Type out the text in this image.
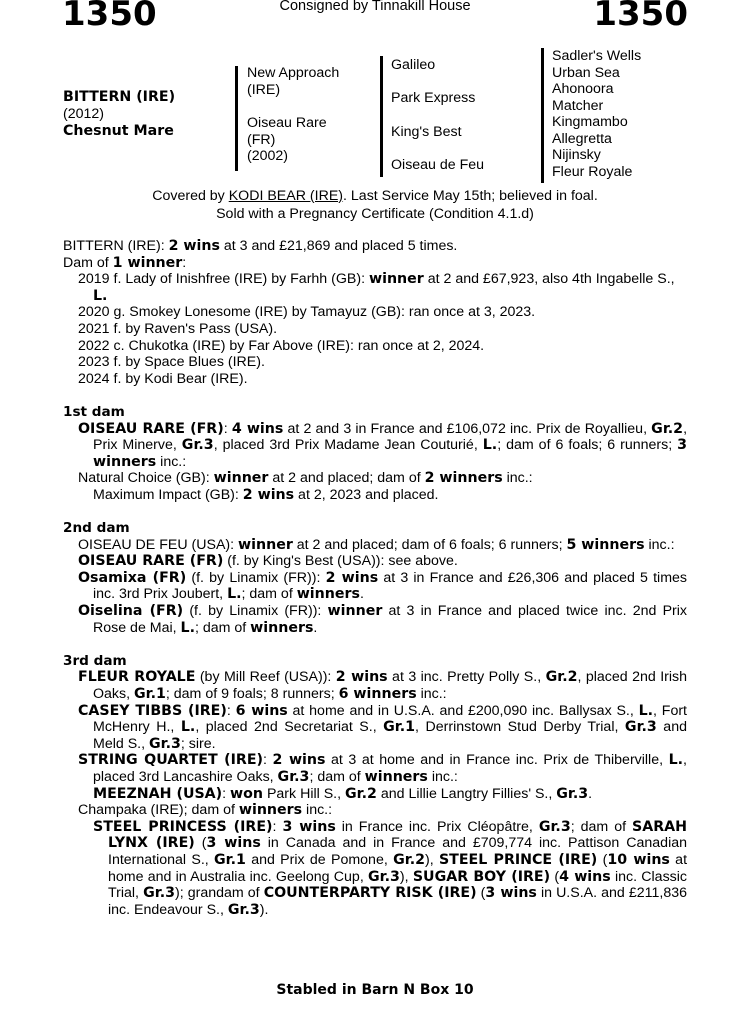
1350	Consigned by Tinnakill House	1350
BITTERN (IRE)
(2012)
Chesnut Mare
New Approach
(IRE)
Oiseau Rare
(FR)
(2002)
Galileo
Park Express
King's Best
Oiseau de Feu
Sadler's Wells
Urban Sea
Ahonoora
Matcher
Kingmambo
Allegretta
Nijinsky
Fleur Royale
Covered by KODI BEAR (IRE). Last Service May 15th; believed in foal.
Sold with a Pregnancy Certificate (Condition 4.1.d)

BITTERN (IRE): 2 wins at 3 and £21,869 and placed 5 times.

Dam of 1 winner:

2019 f. Lady of Inishfree (IRE) by Farhh (GB): winner at 2 and £67,923, also 4th Ingabelle S., L.

2020 g. Smokey Lonesome (IRE) by Tamayuz (GB): ran once at 3, 2023.

2021 f. by Raven's Pass (USA).

2022 c. Chukotka (IRE) by Far Above (IRE): ran once at 2, 2024.

2023 f. by Space Blues (IRE).

2024 f. by Kodi Bear (IRE).

1st dam

OISEAU RARE (FR): 4 wins at 2 and 3 in France and £106,072 inc. Prix de Royallieu, Gr.2, Prix Minerve, Gr.3, placed 3rd Prix Madame Jean Couturié, L.; dam of 6 foals; 6 runners; 3 winners inc.:

Natural Choice (GB): winner at 2 and placed; dam of 2 winners inc.:

Maximum Impact (GB): 2 wins at 2, 2023 and placed.

2nd dam

OISEAU DE FEU (USA): winner at 2 and placed; dam of 6 foals; 6 runners; 5 winners inc.:

OISEAU RARE (FR) (f. by King's Best (USA)): see above.

Osamixa (FR) (f. by Linamix (FR)): 2 wins at 3 in France and £26,306 and placed 5 times inc. 3rd Prix Joubert, L.; dam of winners.

Oiselina (FR) (f. by Linamix (FR)): winner at 3 in France and placed twice inc. 2nd Prix Rose de Mai, L.; dam of winners.

3rd dam

FLEUR ROYALE (by Mill Reef (USA)): 2 wins at 3 inc. Pretty Polly S., Gr.2, placed 2nd Irish Oaks, Gr.1; dam of 9 foals; 8 runners; 6 winners inc.:

CASEY TIBBS (IRE): 6 wins at home and in U.S.A. and £200,090 inc. Ballysax S., L., Fort McHenry H., L., placed 2nd Secretariat S., Gr.1, Derrinstown Stud Derby Trial, Gr.3 and Meld S., Gr.3; sire.

STRING QUARTET (IRE): 2 wins at 3 at home and in France inc. Prix de Thiberville, L., placed 3rd Lancashire Oaks, Gr.3; dam of winners inc.:

MEEZNAH (USA): won Park Hill S., Gr.2 and Lillie Langtry Fillies' S., Gr.3.

Champaka (IRE); dam of winners inc.:

STEEL PRINCESS (IRE): 3 wins in France inc. Prix Cléopâtre, Gr.3; dam of SARAH LYNX (IRE) (3 wins in Canada and in France and £709,774 inc. Pattison Canadian International S., Gr.1 and Prix de Pomone, Gr.2), STEEL PRINCE (IRE) (10 wins at home and in Australia inc. Geelong Cup, Gr.3), SUGAR BOY (IRE) (4 wins inc. Classic Trial, Gr.3); grandam of COUNTERPARTY RISK (IRE) (3 wins in U.S.A. and £211,836 inc. Endeavour S., Gr.3).

Stabled in Barn N Box 10
